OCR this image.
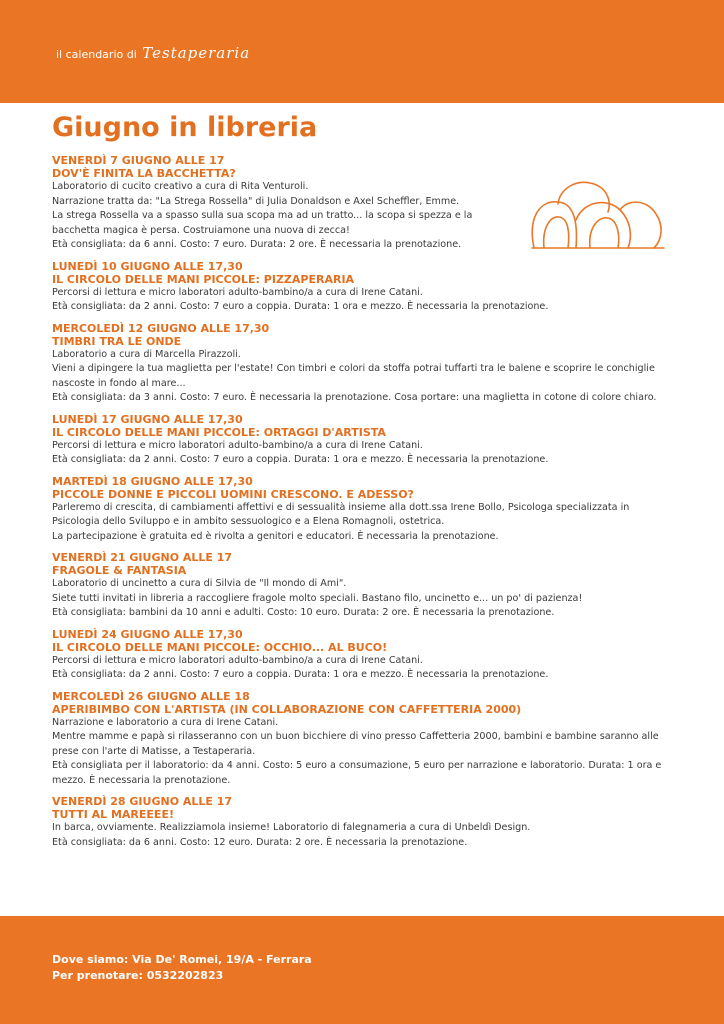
il calendario di Testaperaria
Giugno in libreria
VENERDÌ 7 GIUGNO ALLE 17
DOV'È FINITA LA BACCHETTA?
Laboratorio di cucito creativo a cura di Rita Venturoli.
Narrazione tratta da: "La Strega Rossella" di Julia Donaldson e Axel Scheffler, Emme.
La strega Rossella va a spasso sulla sua scopa ma ad un tratto... la scopa si spezza e la bacchetta magica è persa. Costruiamone una nuova di zecca!
Età consigliata: da 6 anni. Costo: 7 euro. Durata: 2 ore. È necessaria la prenotazione.
LUNEDÌ 10 GIUGNO ALLE 17,30
IL CIRCOLO DELLE MANI PICCOLE: PIZZAPERARIA
Percorsi di lettura e micro laboratori adulto-bambino/a a cura di Irene Catani.
Età consigliata: da 2 anni. Costo: 7 euro a coppia. Durata: 1 ora e mezzo. È necessaria la prenotazione.
MERCOLEDÌ 12 GIUGNO ALLE 17,30
TIMBRI TRA LE ONDE
Laboratorio a cura di Marcella Pirazzoli.
Vieni a dipingere la tua maglietta per l'estate! Con timbri e colori da stoffa potrai tuffarti tra le balene e scoprire le conchiglie nascoste in fondo al mare...
Età consigliata: da 3 anni. Costo: 7 euro. È necessaria la prenotazione. Cosa portare: una maglietta in cotone di colore chiaro.
LUNEDÌ 17 GIUGNO ALLE 17,30
IL CIRCOLO DELLE MANI PICCOLE: ORTAGGI D'ARTISTA
Percorsi di lettura e micro laboratori adulto-bambino/a a cura di Irene Catani.
Età consigliata: da 2 anni. Costo: 7 euro a coppia. Durata: 1 ora e mezzo. È necessaria la prenotazione.
MARTEDÌ 18 GIUGNO ALLE 17,30
PICCOLE DONNE E PICCOLI UOMINI CRESCONO. E ADESSO?
Parleremo di crescita, di cambiamenti affettivi e di sessualità insieme alla dott.ssa Irene Bollo, Psicologa specializzata in Psicologia dello Sviluppo e in ambito sessuologico e a Elena Romagnoli, ostetrica.
La partecipazione è gratuita ed è rivolta a genitori e educatori. È necessaria la prenotazione.
VENERDÌ 21 GIUGNO ALLE 17
FRAGOLE & FANTASIA
Laboratorio di uncinetto a cura di Silvia de "Il mondo di Ami".
Siete tutti invitati in libreria a raccogliere fragole molto speciali. Bastano filo, uncinetto e... un po' di pazienza!
Età consigliata: bambini da 10 anni e adulti. Costo: 10 euro. Durata: 2 ore. È necessaria la prenotazione.
LUNEDÌ 24 GIUGNO ALLE 17,30
IL CIRCOLO DELLE MANI PICCOLE: OCCHIO... AL BUCO!
Percorsi di lettura e micro laboratori adulto-bambino/a a cura di Irene Catani.
Età consigliata: da 2 anni. Costo: 7 euro a coppia. Durata: 1 ora e mezzo. È necessaria la prenotazione.
MERCOLEDÌ 26 GIUGNO ALLE 18
APERIBIMBO CON L'ARTISTA (IN COLLABORAZIONE CON CAFFETTERIA 2000)
Narrazione e laboratorio a cura di Irene Catani.
Mentre mamme e papà si rilasseranno con un buon bicchiere di vino presso Caffetteria 2000, bambini e bambine saranno alle prese con l'arte di Matisse, a Testaperaria.
Età consigliata per il laboratorio: da 4 anni. Costo: 5 euro a consumazione, 5 euro per narrazione e laboratorio. Durata: 1 ora e mezzo. È necessaria la prenotazione.
VENERDÌ 28 GIUGNO ALLE 17
TUTTI AL MAREEEE!
In barca, ovviamente. Realizziamola insieme! Laboratorio di falegnameria a cura di Unbeldì Design.
Età consigliata: da 6 anni. Costo: 12 euro. Durata: 2 ore. È necessaria la prenotazione.
Dove siamo: Via De' Romei, 19/A - Ferrara
Per prenotare: 0532202823
